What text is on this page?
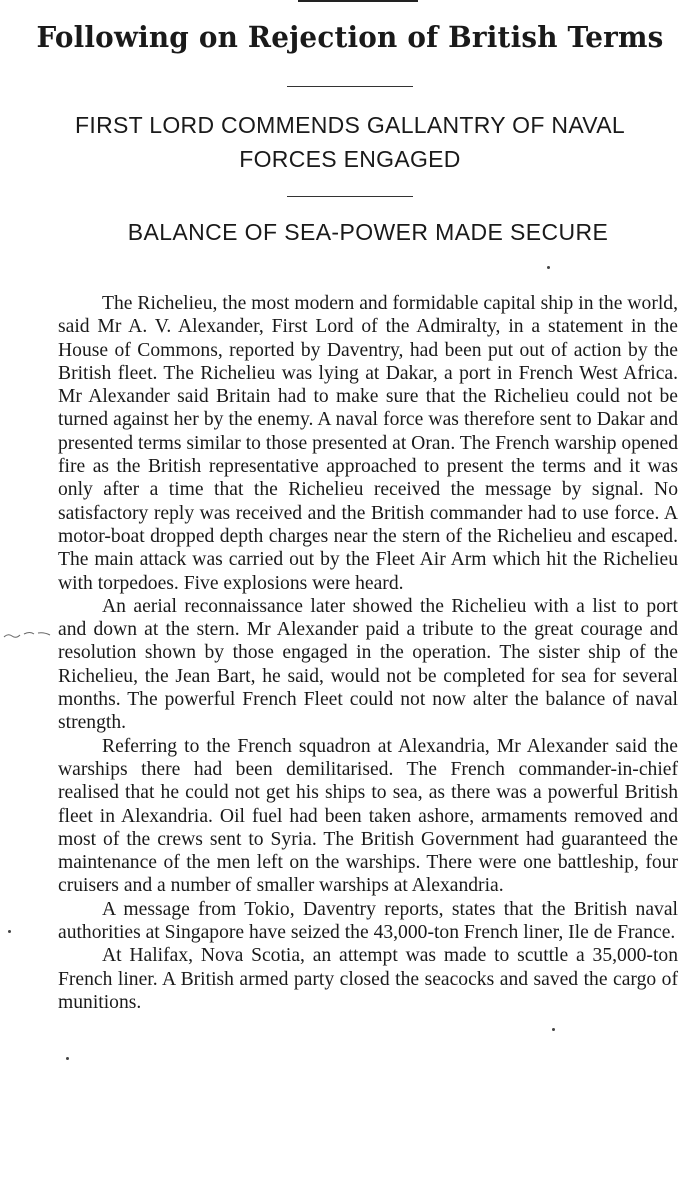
Following on Rejection of British Terms
FIRST LORD COMMENDS GALLANTRY OF NAVAL
FORCES ENGAGED
BALANCE OF SEA-POWER MADE SECURE

The Richelieu, the most modern and formidable capital ship in the world, said Mr A. V. Alexander, First Lord of the Admiralty, in a statement in the House of Commons, reported by Daventry, had been put out of action by the British fleet. The Richelieu was lying at Dakar, a port in French West Africa. Mr Alexander said Britain had to make sure that the Richelieu could not be turned against her by the enemy. A naval force was therefore sent to Dakar and presented terms similar to those presented at Oran. The French warship opened fire as the British representative approached to present the terms and it was only after a time that the Richelieu received the message by signal. No satisfactory reply was received and the British commander had to use force. A motor-boat dropped depth charges near the stern of the Richelieu and escaped. The main attack was carried out by the Fleet Air Arm which hit the Richelieu with torpedoes. Five explosions were heard.

An aerial reconnaissance later showed the Richelieu with a list to port and down at the stern. Mr Alexander paid a tribute to the great courage and resolution shown by those engaged in the operation. The sister ship of the Richelieu, the Jean Bart, he said, would not be completed for sea for several months. The powerful French Fleet could not now alter the balance of naval strength.

Referring to the French squadron at Alexandria, Mr Alexander said the warships there had been demilitarised. The French commander-in-chief realised that he could not get his ships to sea, as there was a powerful British fleet in Alexandria. Oil fuel had been taken ashore, armaments removed and most of the crews sent to Syria. The British Government had guaranteed the maintenance of the men left on the warships. There were one battleship, four cruisers and a number of smaller warships at Alexandria.

A message from Tokio, Daventry reports, states that the British naval authorities at Singapore have seized the 43,000-ton French liner, Ile de France.

At Halifax, Nova Scotia, an attempt was made to scuttle a 35,000-ton French liner. A British armed party closed the seacocks and saved the cargo of munitions.
